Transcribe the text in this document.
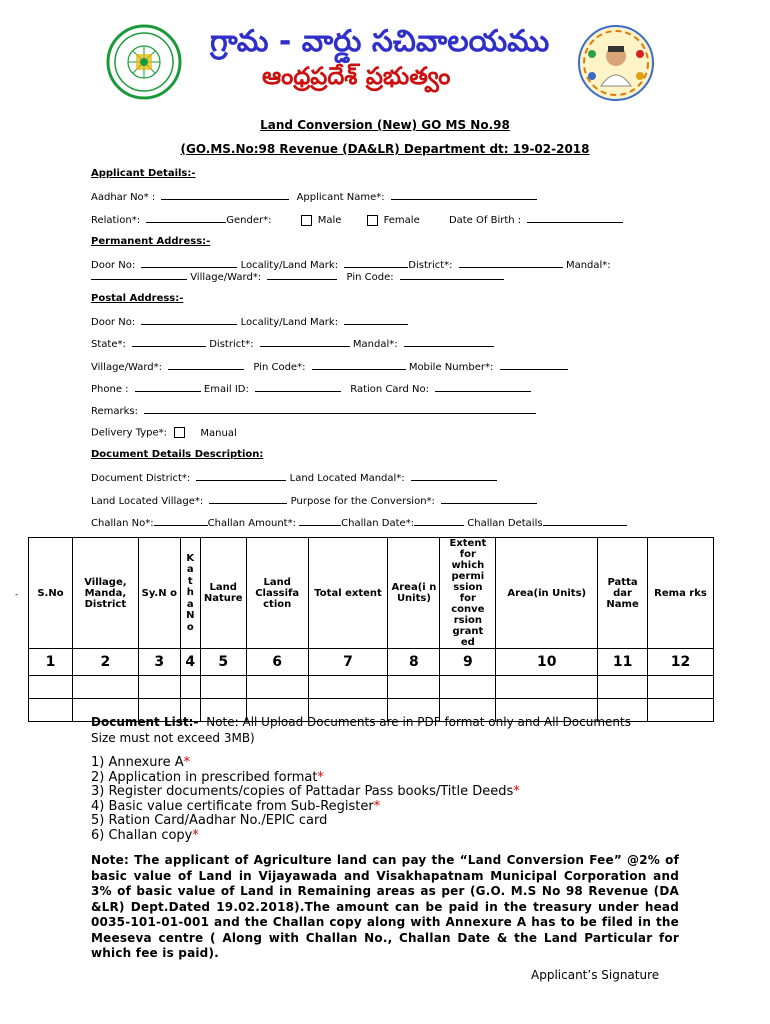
గ్రామ - వార్డు సచివాలయము
ఆంధ్రప్రదేశ్ ప్రభుత్వం
Land Conversion (New) GO MS No.98
(GO.MS.No:98 Revenue (DA&LR) Department dt: 19-02-2018
Applicant Details:-
Aadhar No* :	Applicant Name*:
Relation*:	Gender*:	Male	Female	Date Of Birth :
Permanent Address:-
Door No:	Locality/Land Mark:	District*:	Mandal*:
Village/Ward*:	Pin Code:
Postal Address:-
Door No:	Locality/Land Mark:
State*:	District*:	Mandal*:
Village/Ward*:	Pin Code*:	Mobile Number*:
Phone :	Email ID:	Ration Card No:
Remarks:
Delivery Type*:	Manual
Document Details Description:
Document District*:	Land Located Mandal*:
Land Located Village*:	Purpose for the Conversion*:
Challan No*:	Challan Amount*:	Challan Date*:	Challan Details
- S.No	Village, Manda, District	Sy.N o	Katha No	Land Nature	Land Classifa ction	Total extent	Area(i n Units)	Extent for which permi ssion for conve rsion grant ed	Area(in Units)	Patta dar Name	Rema rks
1	2	3	4	5	6	7	8	9	10	11	12

Document List:- Note: All Upload Documents are in PDF format only and All Documents Size must not exceed 3MB)
1) Annexure A*
2) Application in prescribed format*
3) Register documents/copies of Pattadar Pass books/Title Deeds*
4) Basic value certificate from Sub-Register*
5) Ration Card/Aadhar No./EPIC card
6) Challan copy*
Note: The applicant of Agriculture land can pay the “Land Conversion Fee” @2% of basic value of Land in Vijayawada and Visakhapatnam Municipal Corporation and 3% of basic value of Land in Remaining areas as per (G.O. M.S No 98 Revenue (DA &LR) Dept.Dated 19.02.2018).The amount can be paid in the treasury under head 0035-101-01-001 and the Challan copy along with Annexure A has to be filed in the Meeseva centre ( Along with Challan No., Challan Date & the Land Particular for which fee is paid).
Applicant’s Signature
